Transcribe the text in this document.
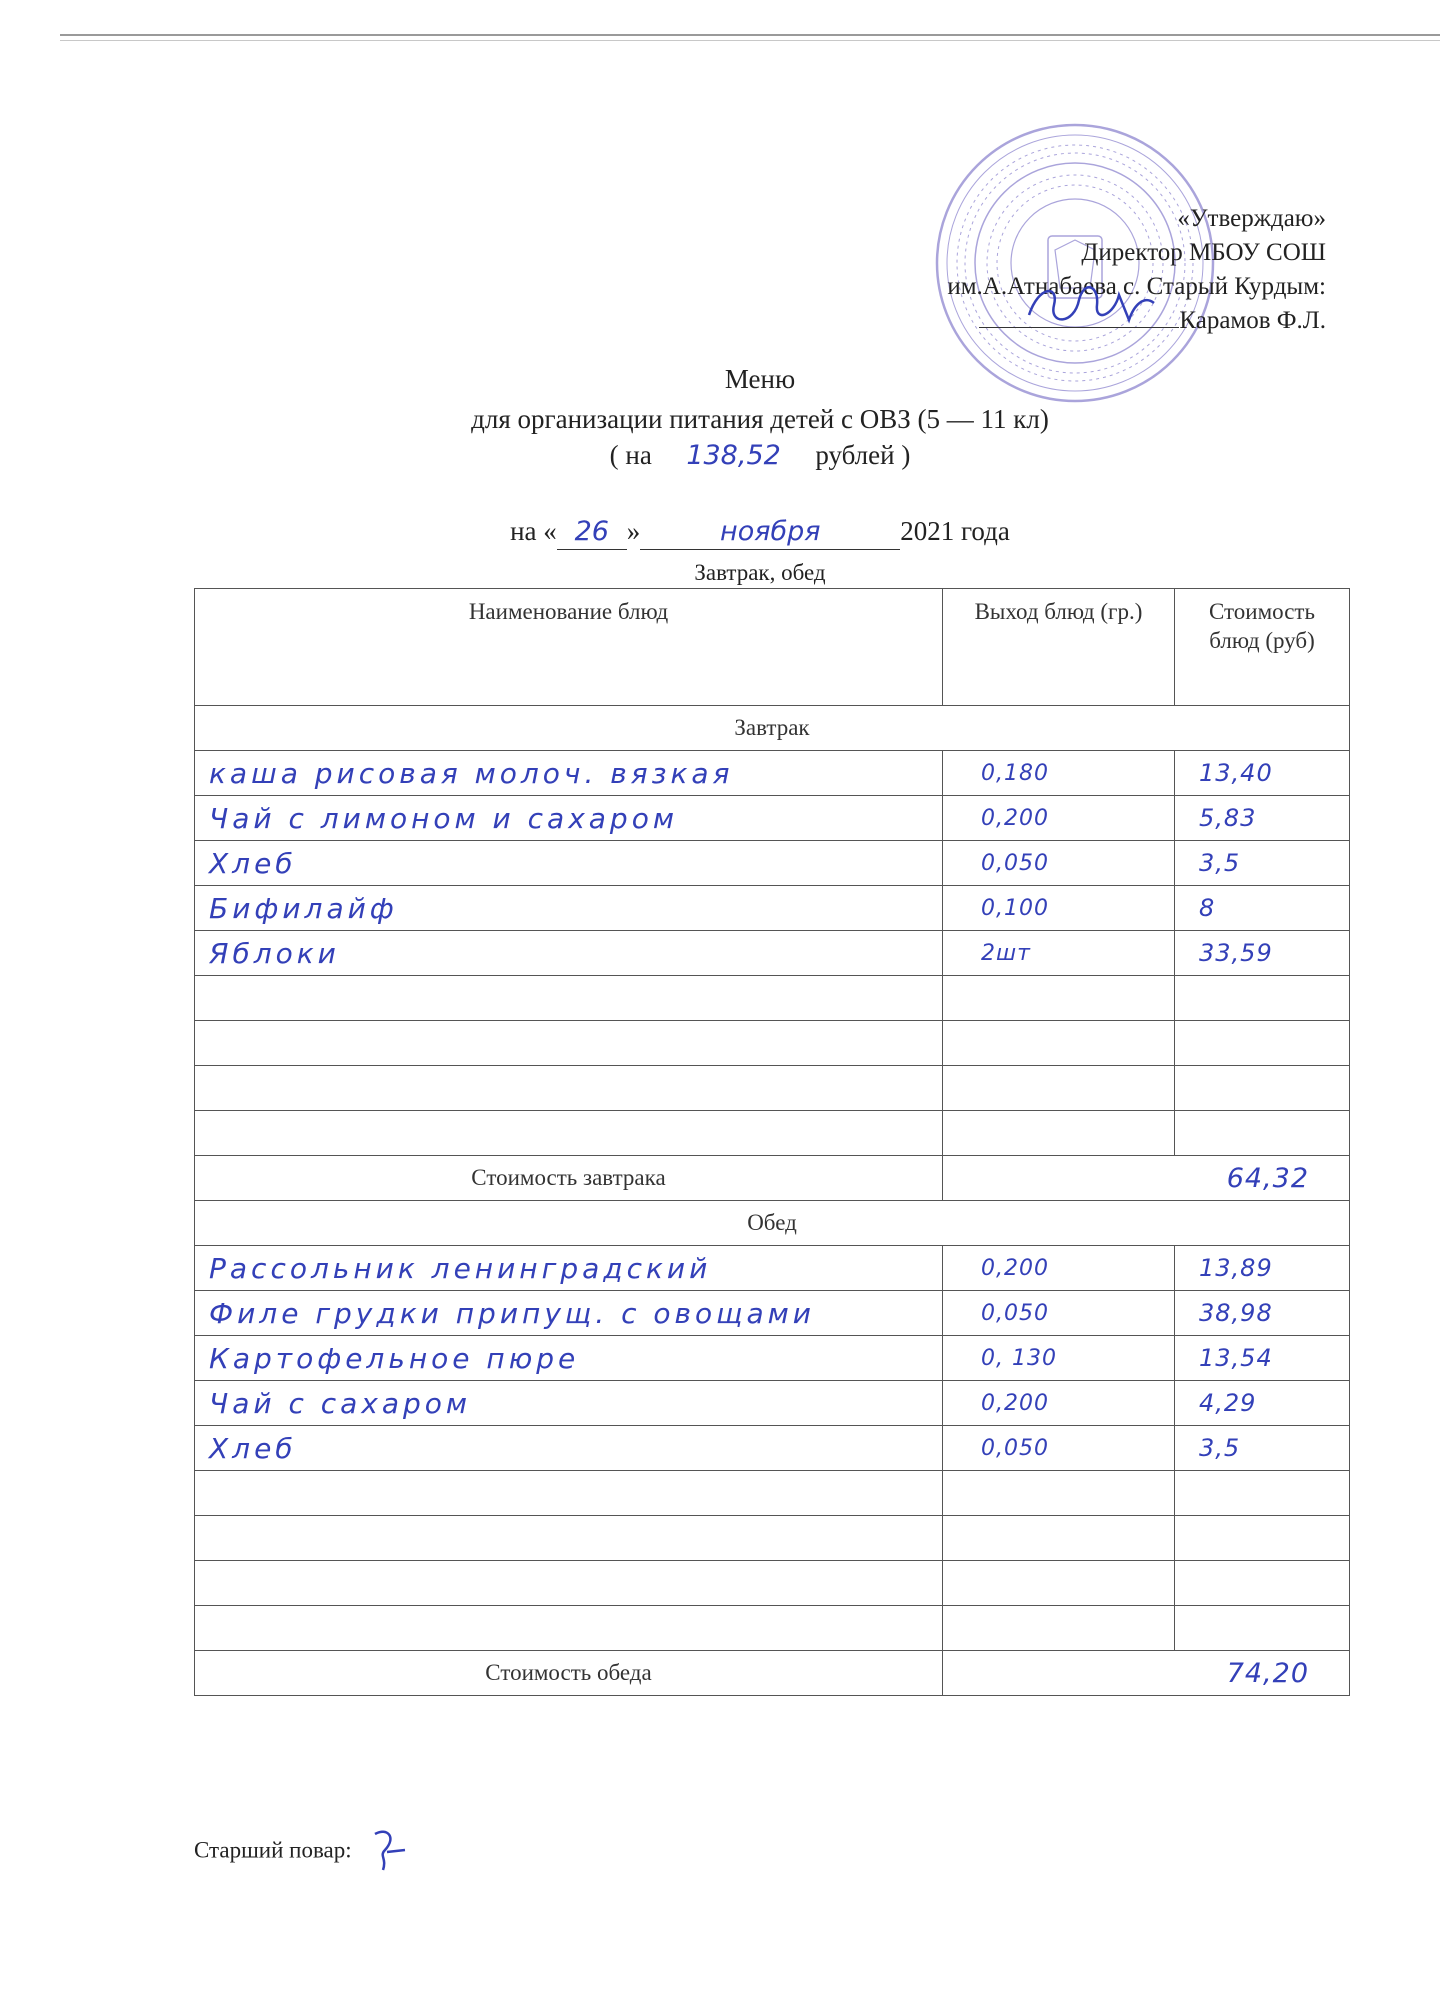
«Утверждаю»
Директор МБОУ СОШ
им.А.Атнабаева с. Старый Курдым:
Карамов Ф.Л.
Меню
для организации питания детей с ОВЗ (5 — 11 кл)
( на 138,52 рублей )
на « 26 »	ноября	2021 года
Завтрак, обед
Наименование блюд	Выход блюд (гр.)	Стоимость блюд (руб)
Завтрак		
каша рисовая молоч. вязкая	0,180	13,40
Чай с лимоном и сахаром	0,200	5,83
Хлеб	0,050	3,5
Бифилайф	0,100	8
Яблоки	2шт	33,59

Стоимость завтрака	64,32	
Обед		
Рассольник ленинградский	0,200	13,89
Филе грудки припущ. с овощами	0,050	38,98
Картофельное пюре	0, 130	13,54
Чай с сахаром	0,200	4,29
Хлеб	0,050	3,5

Стоимость обеда	74,20	
Старший повар:
